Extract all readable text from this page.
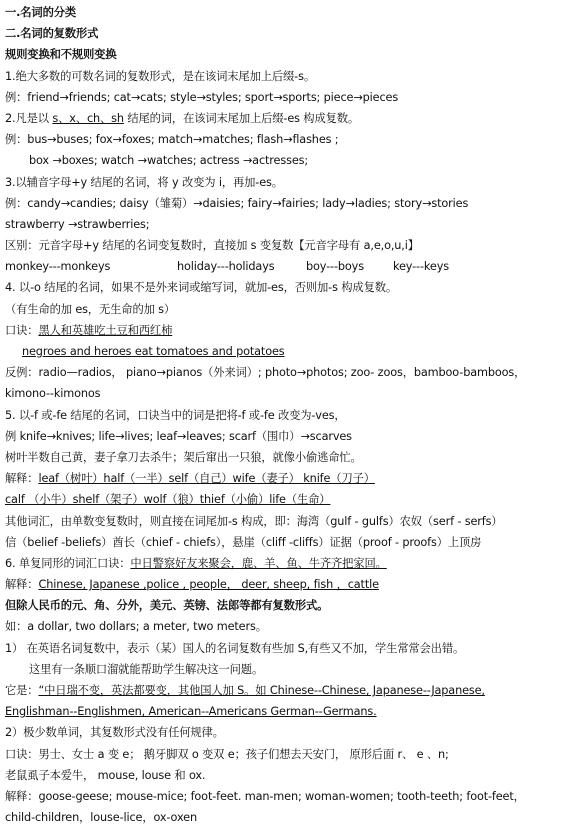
一.名词的分类
二.名词的复数形式
规则变换和不规则变换
1.绝大多数的可数名词的复数形式，是在该词末尾加上后缀-s。
例：friend→friends; cat→cats; style→styles; sport→sports; piece→pieces
2.凡是以 s、x、ch、sh 结尾的词，在该词末尾加上后缀-es 构成复数。
例：bus→buses; fox→foxes; match→matches; flash→flashes ;
box →boxes; watch →watches; actress →actresses;
3.以辅音字母+y 结尾的名词，将 y 改变为 i，再加-es。
例：candy→candies; daisy（雏菊）→daisies; fairy→fairies; lady→ladies; story→stories
strawberry →strawberries;
区别：元音字母+y 结尾的名词变复数时，直接加 s 变复数【元音字母有 a,e,o,u,i】
monkey---monkeys	holiday---holidays	boy---boys	key---keys
4. 以-o 结尾的名词，如果不是外来词或缩写词，就加-es，否则加-s 构成复数。
（有生命的加 es，无生命的加 s）
口诀：黑人和英雄吃土豆和西红柿
negroes and heroes eat tomatoes and potatoes
反例：radio—radios， piano→pianos（外来词）; photo→photos; zoo- zoos，bamboo-bamboos，
kimono--kimonos
5. 以-f 或-fe 结尾的名词，口诀当中的词是把将-f 或-fe 改变为-ves，
例 knife→knives; life→lives; leaf→leaves; scarf（围巾）→scarves
树叶半数自己黄，妻子拿刀去杀牛；架后窜出一只狼，就像小偷逃命忙。
解释：leaf（树叶）half（一半）self（自己）wife（妻子） knife（刀子）
calf （小牛）shelf（架子）wolf（狼）thief（小偷）life（生命）
其他词汇，由单数变复数时，则直接在词尾加-s 构成，即：海湾（gulf - gulfs）农奴（serf - serfs）
信（belief -beliefs）酋长（chief - chiefs），悬崖（cliff -cliffs）证据（proof - proofs）上顶房
6. 单复同形的词汇口诀：中日警察好友来聚会，鹿、羊、鱼、牛齐齐把家回。
解释：Chinese, Japanese ,police , people， deer, sheep, fish ，cattle
但除人民币的元、角、分外，美元、英镑、法郎等都有复数形式。
如：a dollar, two dollars; a meter, two meters。
1） 在英语名词复数中，表示（某）国人的名词复数有些加 S,有些又不加，学生常常会出错。
这里有一条顺口溜就能帮助学生解决这一问题。
它是：“中日瑞不变，英法都要变，其他国人加 S。如 Chinese--Chinese, Japanese--Japanese,
Englishman--Englishmen, American--Americans German--Germans.
2）极少数单词，其复数形式没有任何规律。
口诀：男士、女士 a 变 e； 鹅牙脚双 o 变双 e；孩子们想去天安门， 原形后面 r、 e 、n;
老鼠虱子本爱牛， mouse, louse 和 ox.
解释：goose-geese; mouse-mice; foot-feet. man-men; woman-women; tooth-teeth; foot-feet，
child-children，louse-lice，ox-oxen
